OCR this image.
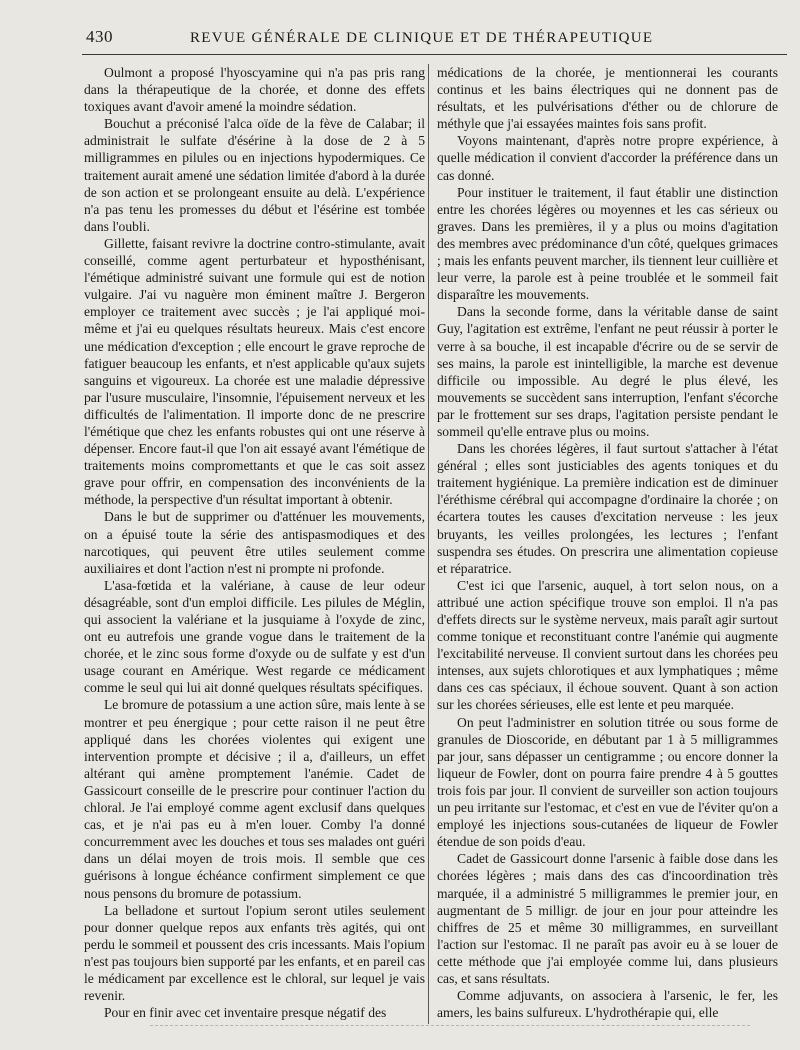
430	REVUE GÉNÉRALE DE CLINIQUE ET DE THÉRAPEUTIQUE

Oulmont a proposé l'hyoscyamine qui n'a pas pris rang dans la thérapeutique de la chorée, et donne des effets toxiques avant d'avoir amené la moindre sédation.

Bouchut a préconisé l'alca oïde de la fève de Calabar; il administrait le sulfate d'ésérine à la dose de 2 à 5 milligrammes en pilules ou en injections hypodermiques. Ce traitement aurait amené une sédation limitée d'abord à la durée de son action et se prolongeant ensuite au delà. L'expérience n'a pas tenu les promesses du début et l'ésérine est tombée dans l'oubli.

Gillette, faisant revivre la doctrine contro-stimulante, avait conseillé, comme agent perturbateur et hyposthénisant, l'émétique administré suivant une formule qui est de notion vulgaire. J'ai vu naguère mon éminent maître J. Bergeron employer ce traitement avec succès ; je l'ai appliqué moi-même et j'ai eu quelques résultats heureux. Mais c'est encore une médication d'exception ; elle encourt le grave reproche de fatiguer beaucoup les enfants, et n'est applicable qu'aux sujets sanguins et vigoureux. La chorée est une maladie dépressive par l'usure musculaire, l'insomnie, l'épuisement nerveux et les difficultés de l'alimentation. Il importe donc de ne prescrire l'émétique que chez les enfants robustes qui ont une réserve à dépenser. Encore faut-il que l'on ait essayé avant l'émétique de traitements moins compromettants et que le cas soit assez grave pour offrir, en compensation des inconvénients de la méthode, la perspective d'un résultat important à obtenir.

Dans le but de supprimer ou d'atténuer les mouvements, on a épuisé toute la série des antispasmodiques et des narcotiques, qui peuvent être utiles seulement comme auxiliaires et dont l'action n'est ni prompte ni profonde.

L'asa-fœtida et la valériane, à cause de leur odeur désagréable, sont d'un emploi difficile. Les pilules de Méglin, qui associent la valériane et la jusquiame à l'oxyde de zinc, ont eu autrefois une grande vogue dans le traitement de la chorée, et le zinc sous forme d'oxyde ou de sulfate y est d'un usage courant en Amérique. West regarde ce médicament comme le seul qui lui ait donné quelques résultats spécifiques.

Le bromure de potassium a une action sûre, mais lente à se montrer et peu énergique ; pour cette raison il ne peut être appliqué dans les chorées violentes qui exigent une intervention prompte et décisive ; il a, d'ailleurs, un effet altérant qui amène promptement l'anémie. Cadet de Gassicourt conseille de le prescrire pour continuer l'action du chloral. Je l'ai employé comme agent exclusif dans quelques cas, et je n'ai pas eu à m'en louer. Comby l'a donné concurremment avec les douches et tous ses malades ont guéri dans un délai moyen de trois mois. Il semble que ces guérisons à longue échéance confirment simplement ce que nous pensons du bromure de potassium.

La belladone et surtout l'opium seront utiles seulement pour donner quelque repos aux enfants très agités, qui ont perdu le sommeil et poussent des cris incessants. Mais l'opium n'est pas toujours bien supporté par les enfants, et en pareil cas le médicament par excellence est le chloral, sur lequel je vais revenir.

Pour en finir avec cet inventaire presque négatif des

médications de la chorée, je mentionnerai les courants continus et les bains électriques qui ne donnent pas de résultats, et les pulvérisations d'éther ou de chlorure de méthyle que j'ai essayées maintes fois sans profit.

Voyons maintenant, d'après notre propre expérience, à quelle médication il convient d'accorder la préférence dans un cas donné.

Pour instituer le traitement, il faut établir une distinction entre les chorées légères ou moyennes et les cas sérieux ou graves. Dans les premières, il y a plus ou moins d'agitation des membres avec prédominance d'un côté, quelques grimaces ; mais les enfants peuvent marcher, ils tiennent leur cuillière et leur verre, la parole est à peine troublée et le sommeil fait disparaître les mouvements.

Dans la seconde forme, dans la véritable danse de saint Guy, l'agitation est extrême, l'enfant ne peut réussir à porter le verre à sa bouche, il est incapable d'écrire ou de se servir de ses mains, la parole est inintelligible, la marche est devenue difficile ou impossible. Au degré le plus élevé, les mouvements se succèdent sans interruption, l'enfant s'écorche par le frottement sur ses draps, l'agitation persiste pendant le sommeil qu'elle entrave plus ou moins.

Dans les chorées légères, il faut surtout s'attacher à l'état général ; elles sont justiciables des agents toniques et du traitement hygiénique. La première indication est de diminuer l'éréthisme cérébral qui accompagne d'ordinaire la chorée ; on écartera toutes les causes d'excitation nerveuse : les jeux bruyants, les veilles prolongées, les lectures ; l'enfant suspendra ses études. On prescrira une alimentation copieuse et réparatrice.

C'est ici que l'arsenic, auquel, à tort selon nous, on a attribué une action spécifique trouve son emploi. Il n'a pas d'effets directs sur le système nerveux, mais paraît agir surtout comme tonique et reconstituant contre l'anémie qui augmente l'excitabilité nerveuse. Il convient surtout dans les chorées peu intenses, aux sujets chlorotiques et aux lymphatiques ; même dans ces cas spéciaux, il échoue souvent. Quant à son action sur les chorées sérieuses, elle est lente et peu marquée.

On peut l'administrer en solution titrée ou sous forme de granules de Dioscoride, en débutant par 1 à 5 milligrammes par jour, sans dépasser un centigramme ; ou encore donner la liqueur de Fowler, dont on pourra faire prendre 4 à 5 gouttes trois fois par jour. Il convient de surveiller son action toujours un peu irritante sur l'estomac, et c'est en vue de l'éviter qu'on a employé les injections sous-cutanées de liqueur de Fowler étendue de son poids d'eau.

Cadet de Gassicourt donne l'arsenic à faible dose dans les chorées légères ; mais dans des cas d'incoordination très marquée, il a administré 5 milligrammes le premier jour, en augmentant de 5 milligr. de jour en jour pour atteindre les chiffres de 25 et même 30 milligrammes, en surveillant l'action sur l'estomac. Il ne paraît pas avoir eu à se louer de cette méthode que j'ai employée comme lui, dans plusieurs cas, et sans résultats.

Comme adjuvants, on associera à l'arsenic, le fer, les amers, les bains sulfureux. L'hydrothérapie qui, elle
